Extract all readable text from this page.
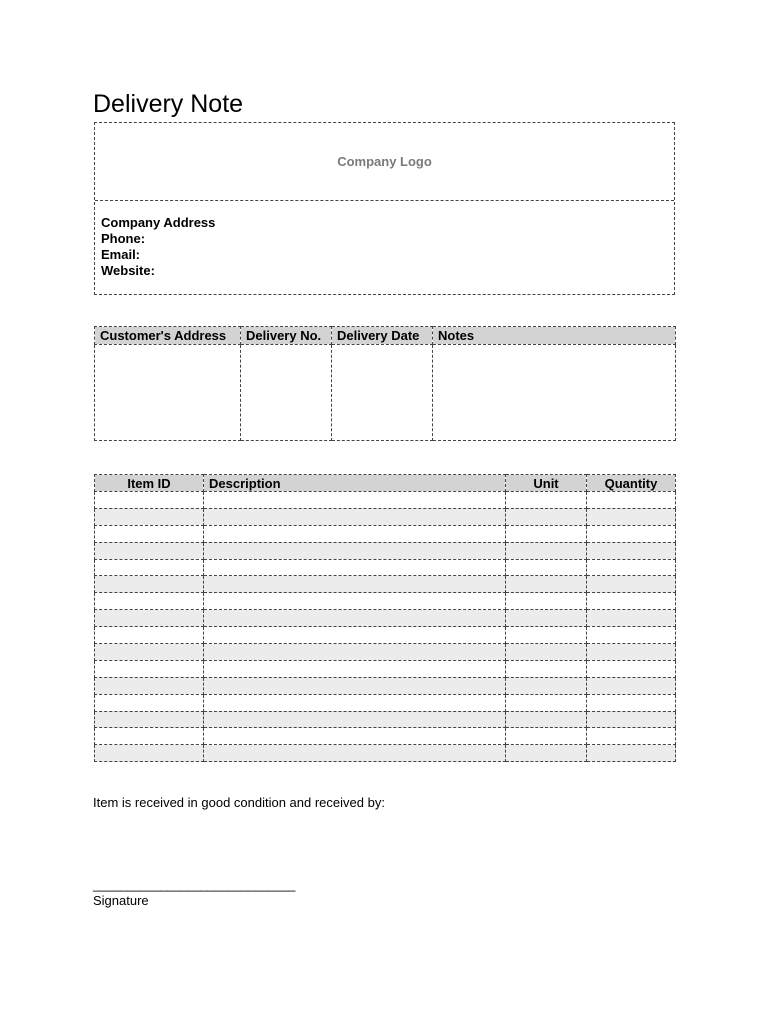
Delivery Note
Company Logo
Company Address
Phone:
Email:
Website:
Customer's Address	Delivery No.	Delivery Date	Notes

Item ID	Description	Unit	Quantity

Item is received in good condition and received by:
______________________________
Signature
